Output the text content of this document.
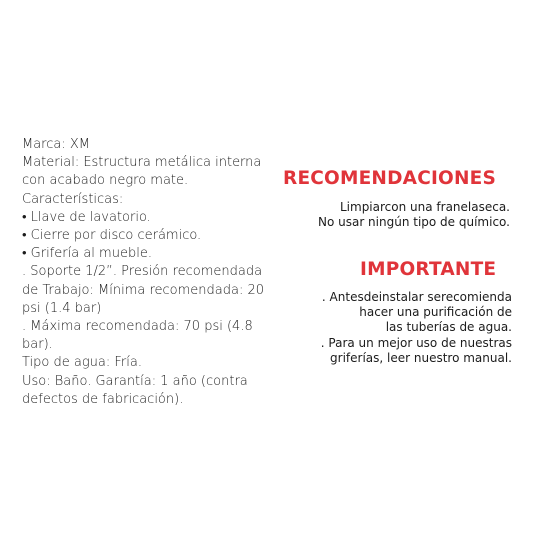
Marca: XM
Material: Estructura metálica interna
con acabado negro mate.
Características:
• Llave de lavatorio.
• Cierre por disco cerámico.
• Grifería al mueble.
. Soporte 1/2”. Presión recomendada
de Trabajo: Mínima recomendada: 20
psi (1.4 bar)
. Máxima recomendada: 70 psi (4.8
bar).
Tipo de agua: Fría.
Uso: Baño. Garantía: 1 año (contra
defectos de fabricación).
RECOMENDACIONES
Limpiarcon una franelaseca.
No usar ningún tipo de químico.
IMPORTANTE
. Antesdeinstalar serecomienda
hacer una purificación de
las tuberías de agua.
. Para un mejor uso de nuestras
griferías, leer nuestro manual.
